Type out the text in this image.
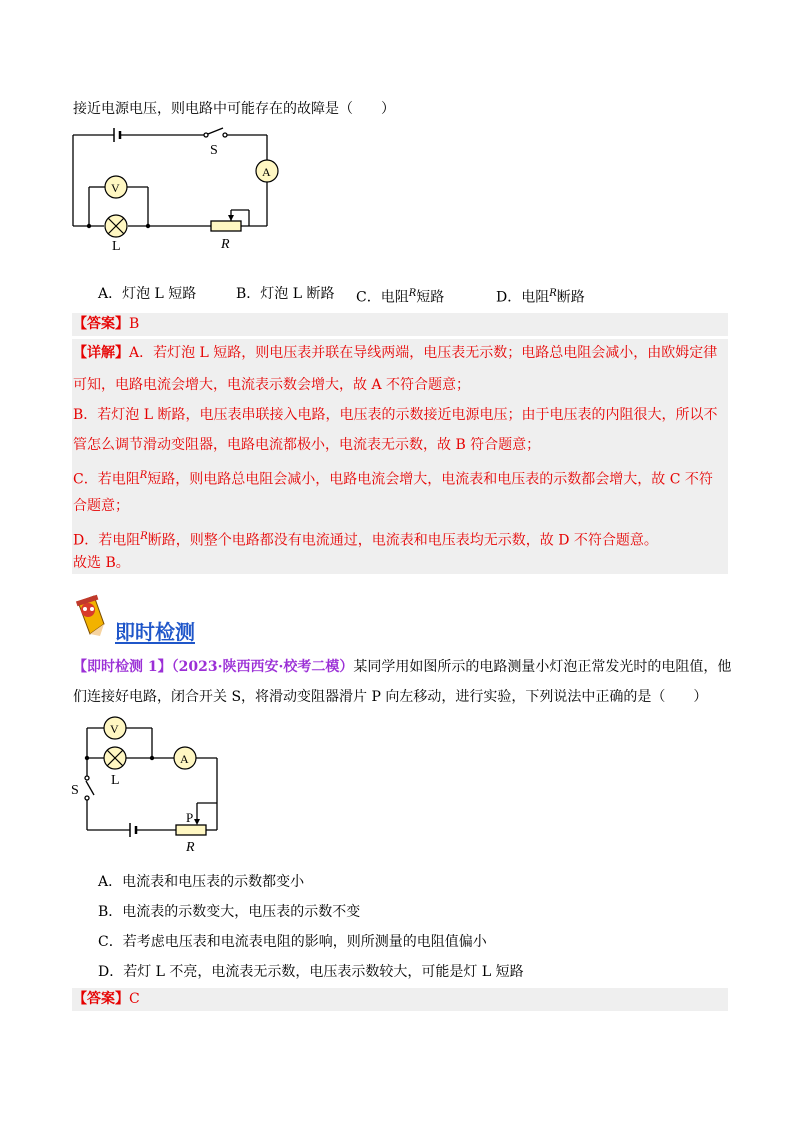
接近电源电压，则电路中可能存在的故障是（　　）
S
A
V
L	R
A．灯泡 L 短路	B．灯泡 L 断路 C．电阻$^R$短路	D．电阻$^R$断路
【答案】B
【详解】A．若灯泡 L 短路，则电压表并联在导线两端，电压表无示数；电路总电阻会减小，由欧姆定律
可知，电路电流会增大，电流表示数会增大，故 A 不符合题意；
B．若灯泡 L 断路，电压表串联接入电路，电压表的示数接近电源电压；由于电压表的内阻很大，所以不
管怎么调节滑动变阻器，电路电流都极小，电流表无示数，故 B 符合题意；
C．若电阻$^R$短路，则电路总电阻会减小，电路电流会增大，电流表和电压表的示数都会增大，故 C 不符
合题意；
D．若电阻$^R$断路，则整个电路都没有电流通过，电流表和电压表均无示数，故 D 不符合题意。
故选 B。
即时检测
【即时检测 1】（2023·陕西西安·校考二模）某同学用如图所示的电路测量小灯泡正常发光时的电阻值，他
们连接好电路，闭合开关 S，将滑动变阻器滑片 P 向左移动，进行实验，下列说法中正确的是（　　）
V
L
A
S
P
R
A．电流表和电压表的示数都变小
B．电流表的示数变大，电压表的示数不变
C．若考虑电压表和电流表电阻的影响，则所测量的电阻值偏小
D．若灯 L 不亮，电流表无示数，电压表示数较大，可能是灯 L 短路
【答案】C
